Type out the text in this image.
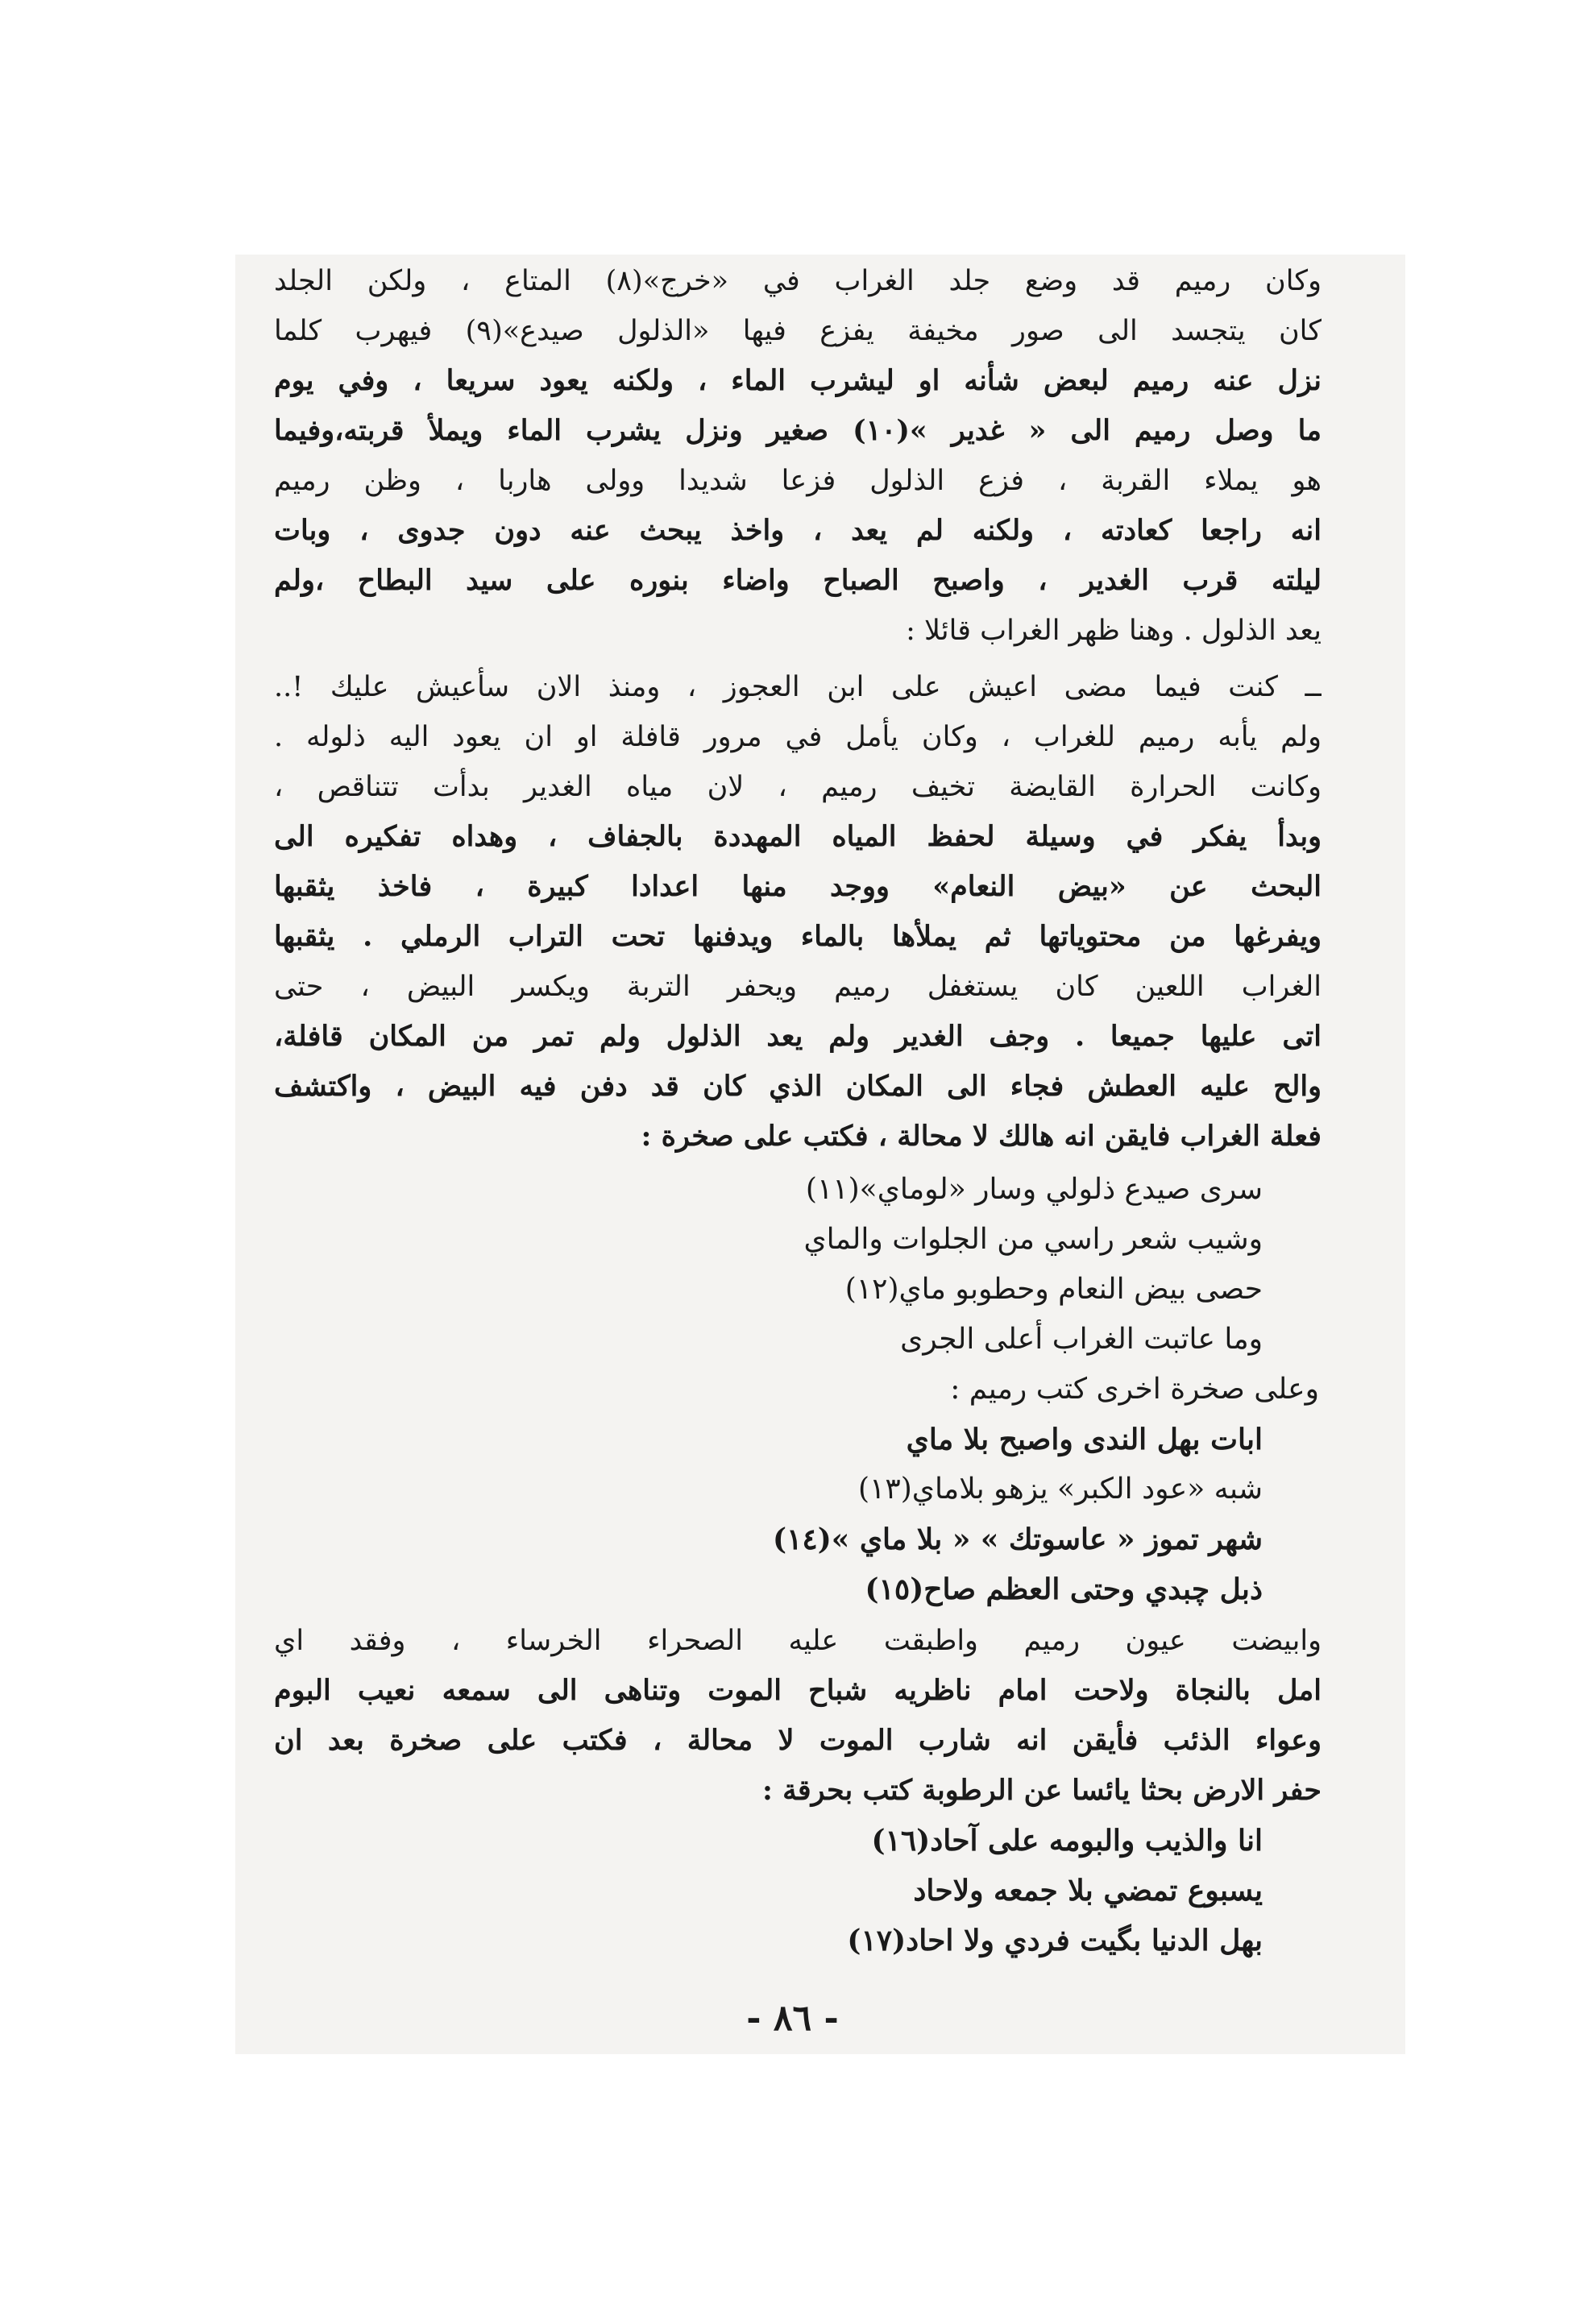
وكان رميم قد وضع جلد الغراب في «خرج»(٨) المتاع ، ولكن الجلد
كان يتجسد الى صور مخيفة يفزع فيها «الذلول صيدع»(٩) فيهرب كلما
نزل عنه رميم لبعض شأنه او ليشرب الماء ، ولكنه يعود سريعا ، وفي يوم
ما وصل رميم الى « غدير »(١٠) صغير ونزل يشرب الماء ويملأ قربته،وفيما
هو يملاء القربة ، فزع الذلول فزعا شديدا وولى هاربا ، وظن رميم
انه راجعا كعادته ، ولكنه لم يعد ، واخذ يبحث عنه دون جدوى ، وبات
ليلته قرب الغدير ، واصبح الصباح واضاء بنوره على سيد البطاح ،ولم
يعد الذلول . وهنا ظهر الغراب قائلا :
ــ كنت فيما مضى اعيش على ابن العجوز ، ومنذ الان سأعيش عليك !..
ولم يأبه رميم للغراب ، وكان يأمل في مرور قافلة او ان يعود اليه ذلوله .
وكانت الحرارة القايضة تخيف رميم ، لان مياه الغدير بدأت تتناقص ،
وبدأ يفكر في وسيلة لحفظ المياه المهددة بالجفاف ، وهداه تفكيره الى
البحث عن «بيض النعام» ووجد منها اعدادا كبيرة ، فاخذ يثقبها
ويفرغها من محتوياتها ثم يملأها بالماء ويدفنها تحت التراب الرملي . يثقبها
الغراب اللعين كان يستغفل رميم ويحفر التربة ويكسر البيض ، حتى
اتى عليها جميعا . وجف الغدير ولم يعد الذلول ولم تمر من المكان قافلة،
والح عليه العطش فجاء الى المكان الذي كان قد دفن فيه البيض ، واكتشف
فعلة الغراب فايقن انه هالك لا محالة ، فكتب على صخرة :
سرى صيدع ذلولي وسار «لوماي»(١١)
وشيب شعر راسي من الجلوات والماي
حصى بيض النعام وحطوبو ماي(١٢)
وما عاتبت الغراب أعلى الجرى
وعلى صخرة اخرى كتب رميم :
ابات بهل الندى واصبح بلا ماي
شبه «عود الكبر» يزهو بلاماي(١٣)
شهر تموز « عاسوتك » « بلا ماي »(١٤)
ذبل چبدي وحتى العظم صاح(١٥)
وابيضت عيون رميم واطبقت عليه الصحراء الخرساء ، وفقد اي
امل بالنجاة ولاحت امام ناظريه شباح الموت وتناهى الى سمعه نعيب البوم
وعواء الذئب فأيقن انه شارب الموت لا محالة ، فكتب على صخرة بعد ان
حفر الارض بحثا يائسا عن الرطوبة كتب بحرقة :
انا والذيب والبومه على آحاد(١٦)
يسبوع تمضي بلا جمعه ولاحاد
بهل الدنيا بگيت فردي ولا احاد(١٧)
- ٨٦ -
